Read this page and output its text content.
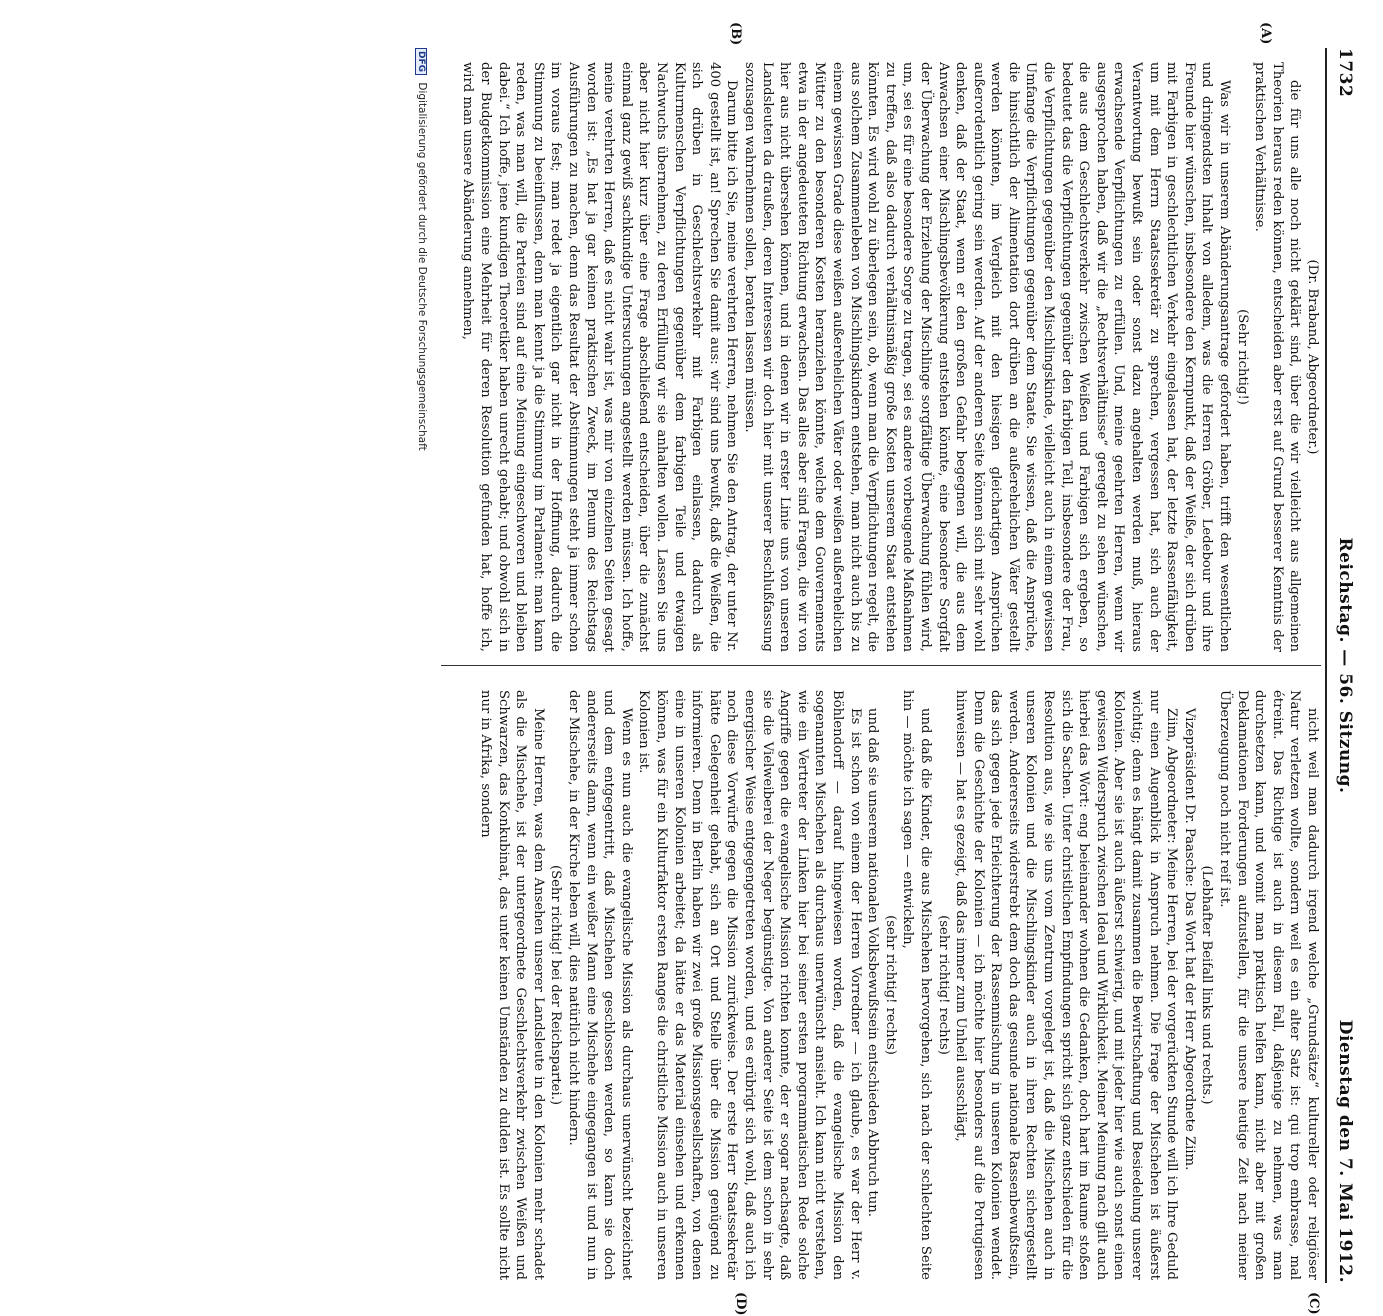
1732
Reichstag. — 56. Sitzung.
Dienstag den 7. Mai 1912.
(A)
(B)
(C)
(D)

(Dr. Braband, Abgeordneter.)

die für uns alle noch nicht geklärt sind, über die wir vielleicht aus allgemeinen Theorien heraus reden können, entscheiden aber erst auf Grund besserer Kenntnis der praktischen Verhältnisse.

(Sehr richtig!)

Was wir in unserem Abänderungsantrage gefordert haben, trifft den wesentlichen und dringendsten Inhalt von alledem, was die Herren Gröber, Ledebour und ihre Freunde hier wünschen, insbesondere den Kernpunkt, daß der Weiße, der sich drüben mit Farbigen in geschlechtlichen Verkehr eingelassen hat, der letzte Rassenfähigkeit, um mit dem Herrn Staatssekretär zu sprechen, vergessen hat, sich auch der Verantwortung bewußt sein oder sonst dazu angehalten werden muß, hieraus erwachsende Verpflichtungen zu erfüllen. Und, meine geehrten Herren, wenn wir ausgesprochen haben, daß wir die „Rechtsverhältnisse“ geregelt zu sehen wünschen, die aus dem Geschlechtsverkehr zwischen Weißen und Farbigen sich ergeben, so bedeutet das die Verpflichtungen gegenüber den farbigen Teil, insbesondere der Frau, die Verpflichtungen gegenüber den Mischlingskinde, vielleicht auch in einem gewissen Umfange die Verpflichtungen gegenüber dem Staate. Sie wissen, daß die Ansprüche, die hinsichtlich der Alimentation dort drüben an die außerehelichen Väter gestellt werden könnten, im Vergleich mit den hiesigen gleichartigen Ansprüchen außerordentlich gering sein werden. Auf der anderen Seite können sich mit sehr wohl denken, daß der Staat, wenn er den großen Gefahr begegnen will, die aus dem Anwachsen einer Mischlingsbevölkerung entstehen könnte, eine besondere Sorgfalt der Überwachung der Erziehung der Mischlinge sorgfältige Überwachung fühlen wird, um, sei es für eine besondere Sorge zu tragen, sei es andere vorbeugende Maßnahmen zu treffen, daß also dadurch verhältnismäßig große Kosten unserem Staat entstehen könnten. Es wird wohl zu überlegen sein, ob, wenn man die Verpflichtungen regelt, die aus solchem Zusammenleben von Mischlingskindern entstehen, man nicht auch bis zu einem gewissen Grade diese weißen außerehelichen Väter oder weißen außerehelichen Mütter zu den besonderen Kosten heranziehen könnte, welche dem Gouvernements etwa in der angedeuteten Richtung erwachsen. Das alles aber sind Fragen, die wir von hier aus nicht übersehen können, und in denen wir in erster Linie uns von unseren Landsleuten da draußen, deren Interessen wir doch hier mit unserer Beschlußfassung sozusagen wahrnehmen sollen, beraten lassen müssen.

Darum bitte ich Sie, meine verehrten Herren, nehmen Sie den Antrag, der unter Nr. 400 gestellt ist, an! Sprechen Sie damit aus: wir sind uns bewußt, daß die Weißen, die sich drüben in Geschlechtsverkehr mit Farbigen einlassen, dadurch als Kulturmenschen Verpflichtungen gegenüber dem farbigen Teile und etwaigen Nachwuchs übernehmen, zu deren Erfüllung wir sie anhalten wollen. Lassen Sie uns aber nicht hier kurz über eine Frage abschließend entscheiden, über die zunächst einmal ganz gewiß sachkundige Untersuchungen angestellt werden müssen. Ich hoffe, meine verehrten Herren, daß es nicht wahr ist, was mir von einzelnen Seiten gesagt worden ist: „Es hat ja gar keinen praktischen Zweck, im Plenum des Reichstags Ausführungen zu machen, denn das Resultat der Abstimmungen steht ja immer schon im voraus fest; man redet ja eigentlich gar nicht in der Hoffnung, dadurch die Stimmung zu beeinflussen, denn man kennt ja die Stimmung im Parlament: man kann reden, was man will, die Parteien sind auf eine Meinung eingeschworen und bleiben dabei.“ Ich hoffe, jene kundigen Theoretiker haben unrecht gehabt; und obwohl sich in der Budgetkommission eine Mehrheit für deren Resolution gefunden hat, hoffe ich, wird man unsere Abänderung annehmen,

nicht weil man dadurch irgend welche „Grundsätze“ kultureller oder religiöser Natur verletzen wollte, sondern weil es ein alter Satz ist: qui trop embrasse, mal étreint. Das Richtige ist auch in diesem Fall, daßjenige zu nehmen, was man durchsetzen kann, und womit man praktisch helfen kann, nicht aber mit großen Deklamationen Forderungen aufzustellen, für die unsere heutige Zeit nach meiner Überzeugung noch nicht reif ist.

(Lebhafter Beifall links und rechts.)

Vizepräsident Dr. Paasche: Das Wort hat der Herr Abgeordnete Ziim.

Ziim, Abgeordneter: Meine Herren, bei der vorgerückten Stunde will ich Ihre Geduld nur einen Augenblick in Anspruch nehmen. Die Frage der Mischehen ist äußerst wichtig; denn es hängt damit zusammen die Bewirtschaftung und Besiedelung unserer Kolonien. Aber sie ist auch äußerst schwierig, und mit jeder hier wie auch sonst einen gewissen Widerspruch zwischen Ideal und Wirklichkeit. Meiner Meinung nach gilt auch hierbei das Wort: eng beieinander wohnen die Gedanken, doch hart im Raume stoßen sich die Sachen. Unter christlichen Empfindungen spricht sich ganz entschieden für die Resolution aus, wie sie uns vom Zentrum vorgelegt ist, daß die Mischehen auch in unseren Kolonien und die Mischlingskinder auch in ihren Rechten sichergestellt werden. Andererseits widerstrebt dem doch das gesunde nationale Rassenbewußtsein, das sich gegen jede Erleichterung der Rassenmischung in unseren Kolonien wendet. Denn die Geschichte der Kolonien — ich möchte hier besonders auf die Portugiesen hinweisen — hat es gezeigt, daß das immer zum Unheil ausschlägt,

(sehr richtig! rechts)

und daß die Kinder, die aus Mischehen hervorgehen, sich nach der schlechten Seite hin — möchte ich sagen — entwickeln,

(sehr richtig! rechts)

und daß sie unserem nationalen Volksbewußtsein entschieden Abbruch tun.

Es ist schon von einem der Herren Vorredner — ich glaube, es war der Herr v. Böhlendorff — darauf hingewiesen worden, daß die evangelische Mission den sogenannten Mischehen als durchaus unerwünscht ansieht. Ich kann nicht verstehen, wie ein Vertreter der Linken hier bei seiner ersten programmatischen Rede solche Angriffe gegen die evangelische Mission richten konnte, der er sogar nachsagte, daß sie die Vielweiberei der Neger begünstigte. Von anderer Seite ist dem schon in sehr energischer Weise entgegengetreten worden, und es erübrigt sich wohl, daß auch ich noch diese Vorwürfe gegen die Mission zurückweise. Der erste Herr Staatssekretär hätte Gelegenheit gehabt, sich an Ort und Stelle über die Mission genügend zu informieren. Denn in Berlin haben wir zwei große Missionsgesellschaften, von denen eine in unseren Kolonien arbeitet; da hätte er das Material einsehen und erkennen können, was für ein Kulturfaktor ersten Ranges die christliche Mission auch in unseren Kolonien ist.

Wenn es nun auch die evangelische Mission als durchaus unerwünscht bezeichnet und dem entgegentritt, daß Mischehen geschlossen werden, so kann sie doch andererseits dann, wenn ein weißer Mann eine Mischehe eingegangen ist und nun in der Mischehe, in der Kirche leben will, dies natürlich nicht hindern.

(Sehr richtig! bei der Reichspartei.)

Meine Herren, was dem Ansehen unserer Landsleute in den Kolonien mehr schadet als die Mischehe, ist der untergeordnete Geschlechtsverkehr zwischen Weißen und Schwarzen, das Konkubinat, das unter keinen Umständen zu dulden ist. Es sollte nicht nur in Afrika, sondern

DFG Digitalisierung gefördert durch die Deutsche Forschungsgemeinschaft
